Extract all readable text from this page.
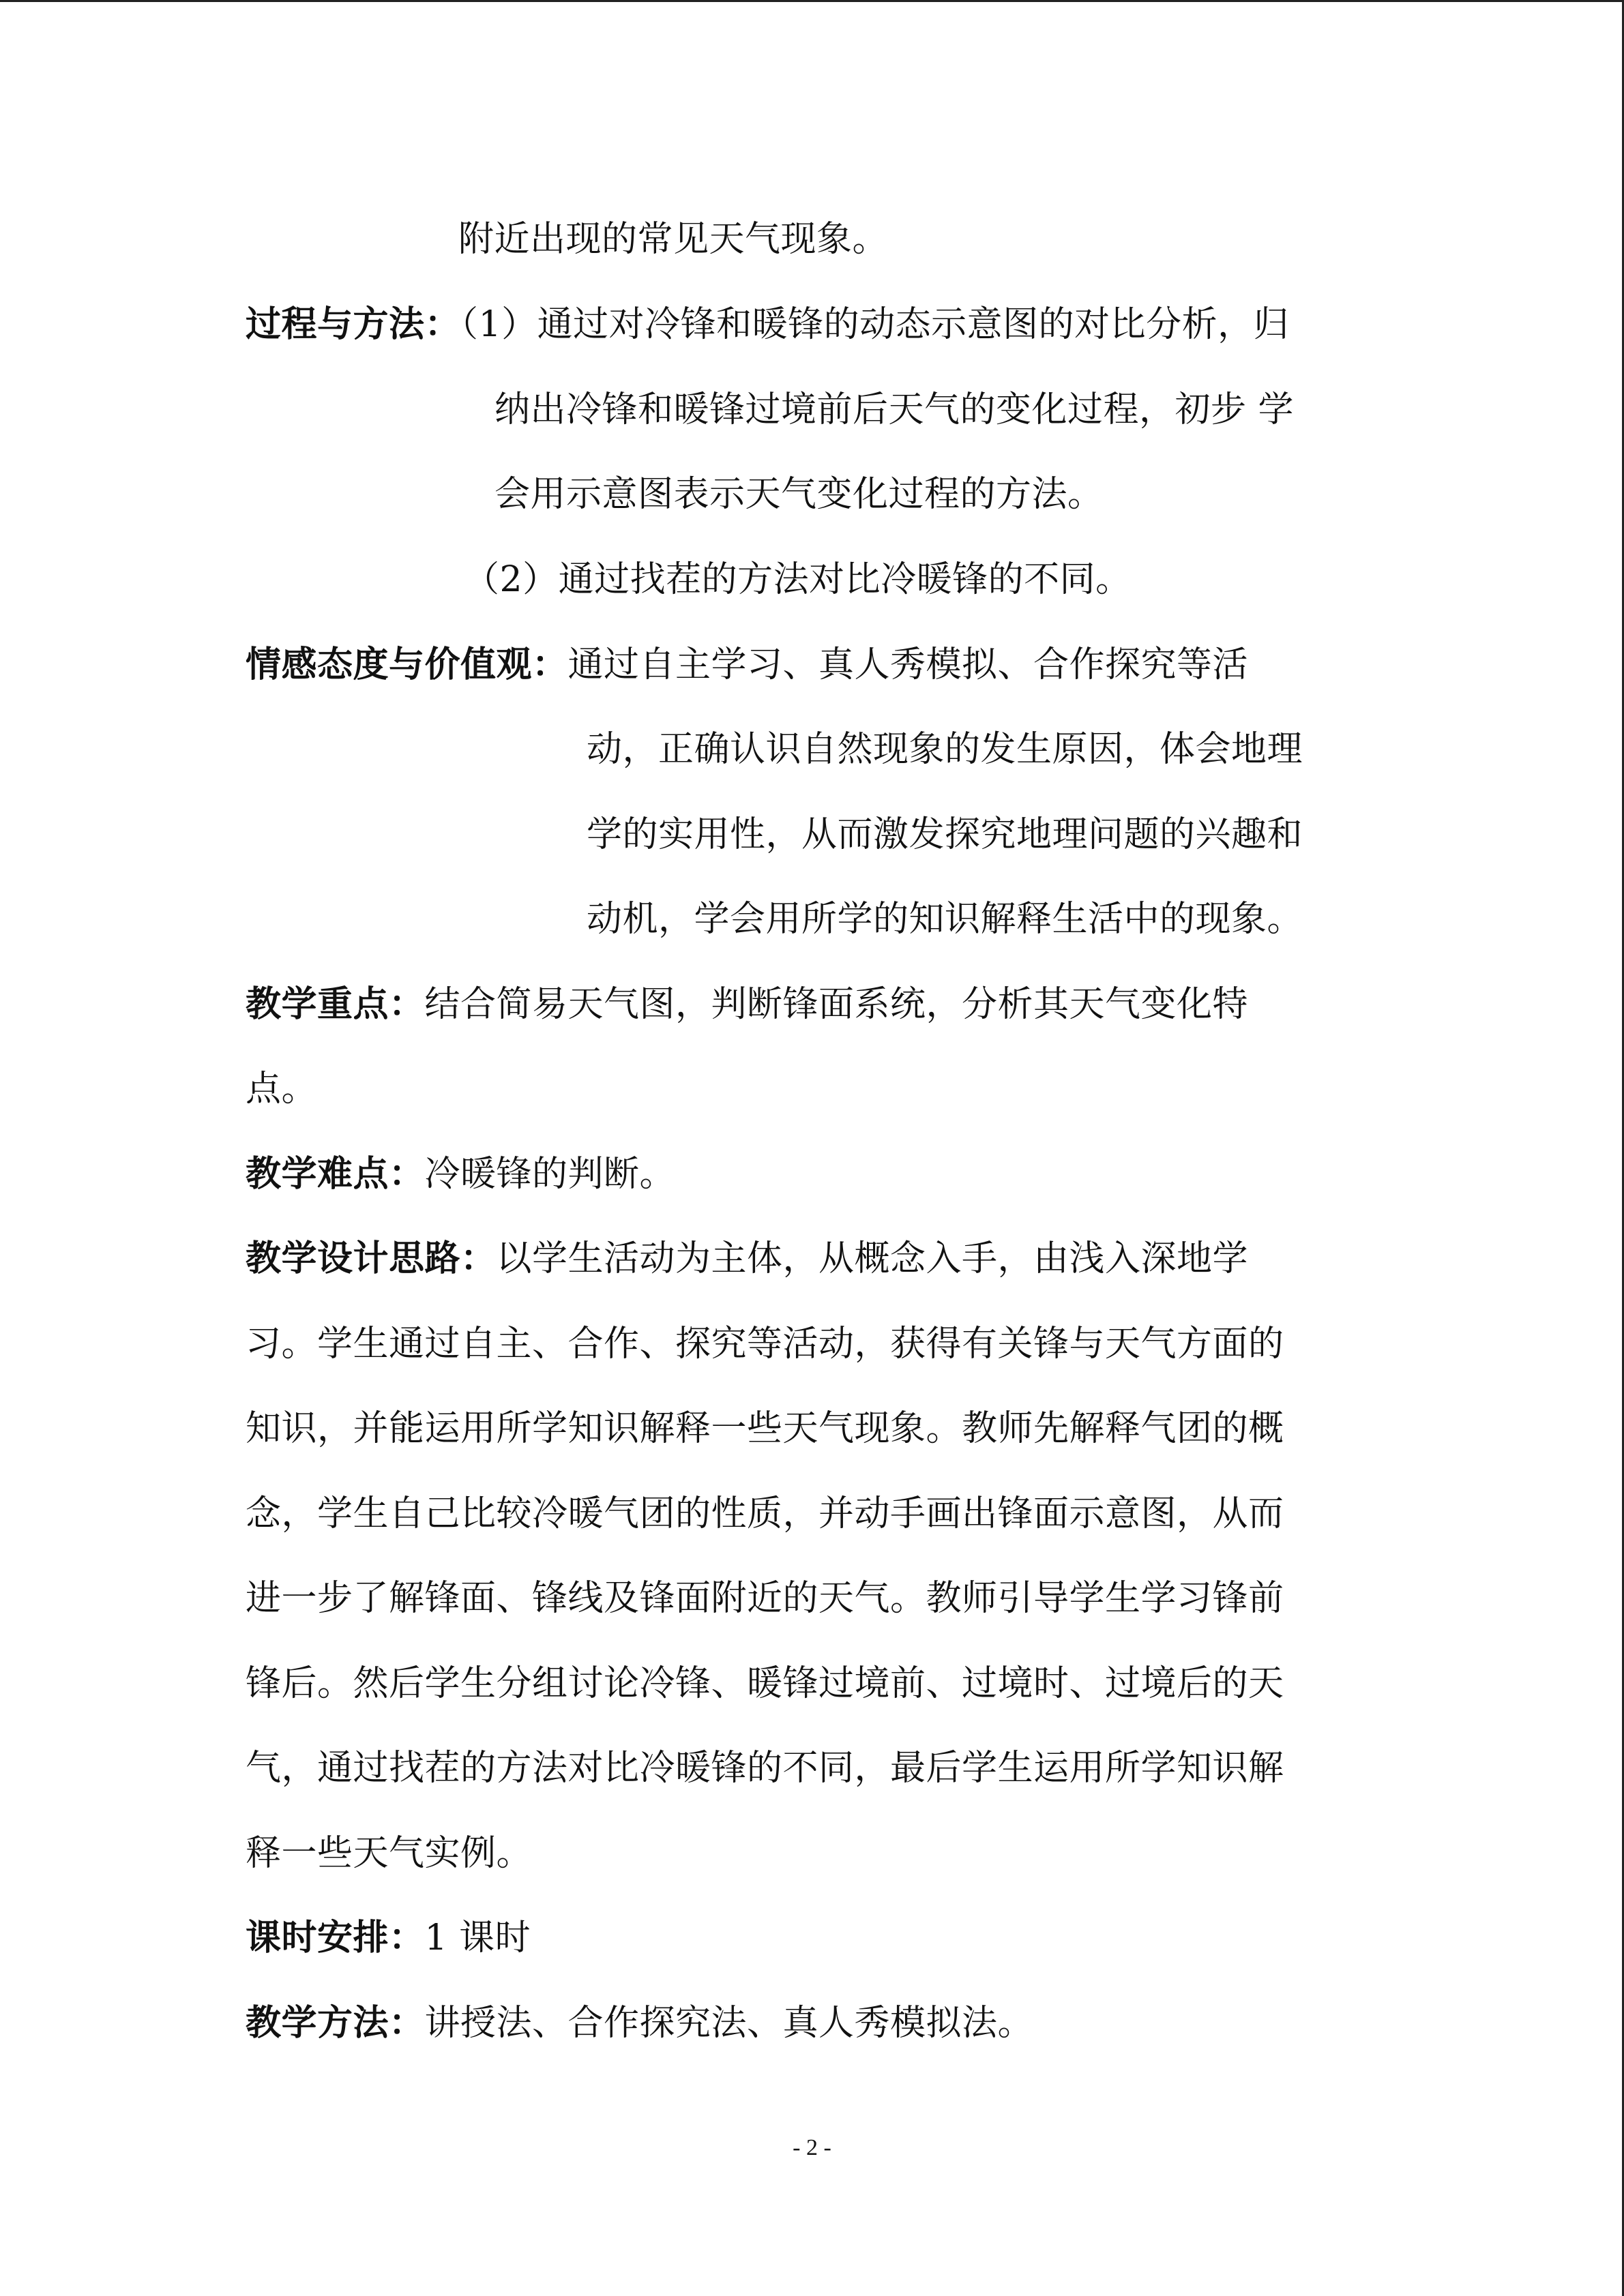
附近出现的常见天气现象。
过程与方法：（1）通过对冷锋和暖锋的动态示意图的对比分析，归
纳出冷锋和暖锋过境前后天气的变化过程，初步 学
会用示意图表示天气变化过程的方法。
（2）通过找茬的方法对比冷暖锋的不同。
情感态度与价值观：通过自主学习、真人秀模拟、合作探究等活
动，正确认识自然现象的发生原因，体会地理
学的实用性，从而激发探究地理问题的兴趣和
动机，学会用所学的知识解释生活中的现象。
教学重点：结合简易天气图，判断锋面系统，分析其天气变化特
点。
教学难点：冷暖锋的判断。
教学设计思路：以学生活动为主体，从概念入手，由浅入深地学
习。学生通过自主、合作、探究等活动，获得有关锋与天气方面的
知识，并能运用所学知识解释一些天气现象。教师先解释气团的概
念，学生自己比较冷暖气团的性质，并动手画出锋面示意图，从而
进一步了解锋面、锋线及锋面附近的天气。教师引导学生学习锋前
锋后。然后学生分组讨论冷锋、暖锋过境前、过境时、过境后的天
气，通过找茬的方法对比冷暖锋的不同，最后学生运用所学知识解
释一些天气实例。
课时安排：1 课时
教学方法：讲授法、合作探究法、真人秀模拟法。
- 2 -
